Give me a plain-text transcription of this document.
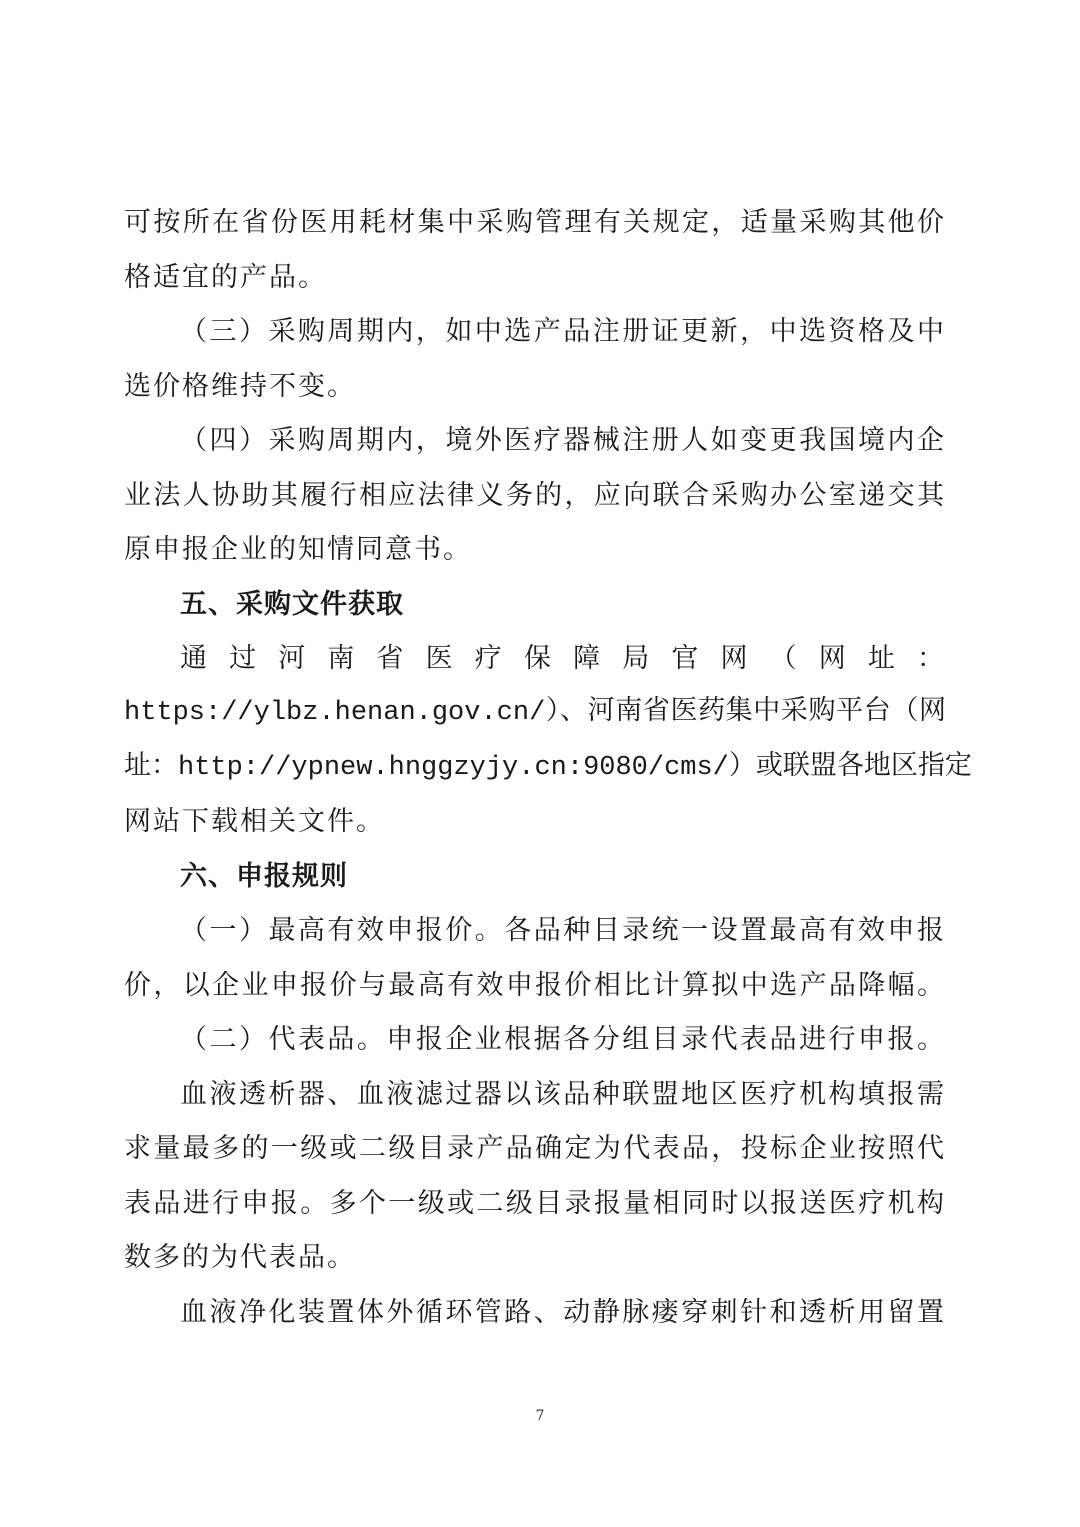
可按所在省份医用耗材集中采购管理有关规定，适量采购其他价
格适宜的产品。
（三）采购周期内，如中选产品注册证更新，中选资格及中
选价格维持不变。
（四）采购周期内，境外医疗器械注册人如变更我国境内企
业法人协助其履行相应法律义务的，应向联合采购办公室递交其
原申报企业的知情同意书。
五、采购文件获取
通过河南省医疗保障局官网（网址：
https://ylbz.henan.gov.cn/）、河南省医药集中采购平台（网
址：http://ypnew.hnggzyjy.cn:9080/cms/）或联盟各地区指定
网站下载相关文件。
六、申报规则
（一）最高有效申报价。各品种目录统一设置最高有效申报
价，以企业申报价与最高有效申报价相比计算拟中选产品降幅。
（二）代表品。申报企业根据各分组目录代表品进行申报。
血液透析器、血液滤过器以该品种联盟地区医疗机构填报需
求量最多的一级或二级目录产品确定为代表品，投标企业按照代
表品进行申报。多个一级或二级目录报量相同时以报送医疗机构
数多的为代表品。
血液净化装置体外循环管路、动静脉瘘穿刺针和透析用留置
7
